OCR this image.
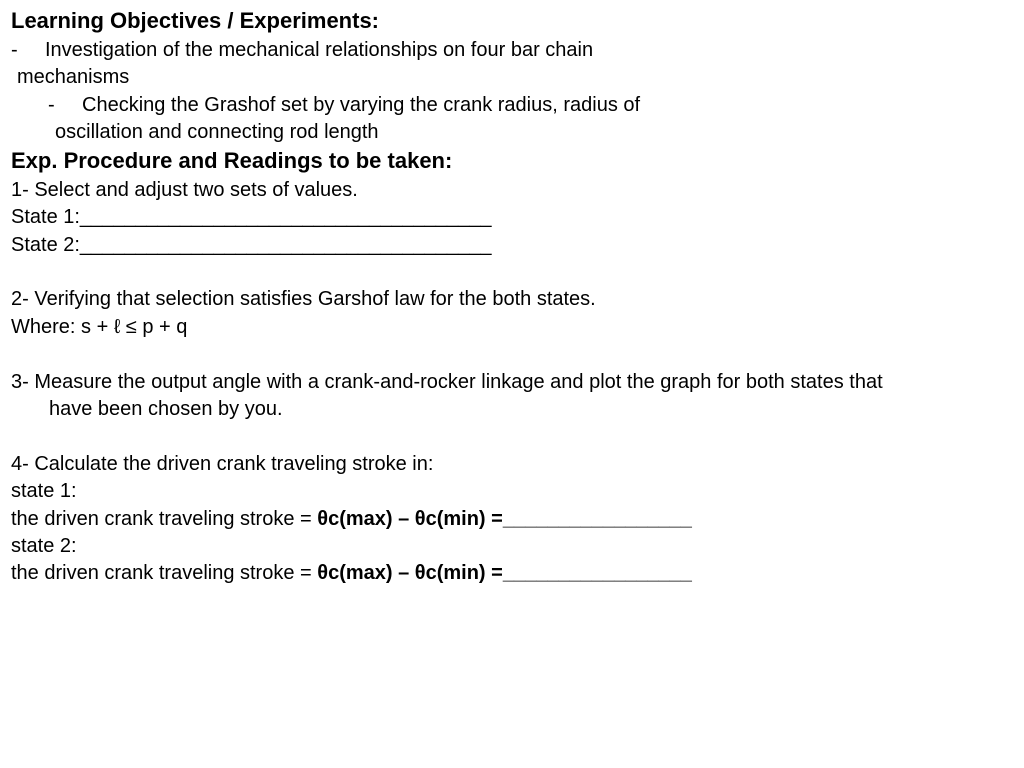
Learning Objectives / Experiments:
- Investigation of the mechanical relationships on four bar chain
mechanisms
- Checking the Grashof set by varying the crank radius, radius of
oscillation and connecting rod length
Exp. Procedure and Readings to be taken:
1- Select and adjust two sets of values.
State 1:_____________________________________
State 2:_____________________________________
2- Verifying that selection satisfies Garshof law for the both states.
Where: s + ℓ ≤ p + q
3- Measure the output angle with a crank-and-rocker linkage and plot the graph for both states that
have been chosen by you.
4- Calculate the driven crank traveling stroke in:
state 1:
the driven crank traveling stroke = θc(max) – θc(min) =_________________
state 2:
the driven crank traveling stroke = θc(max) – θc(min) =_________________
